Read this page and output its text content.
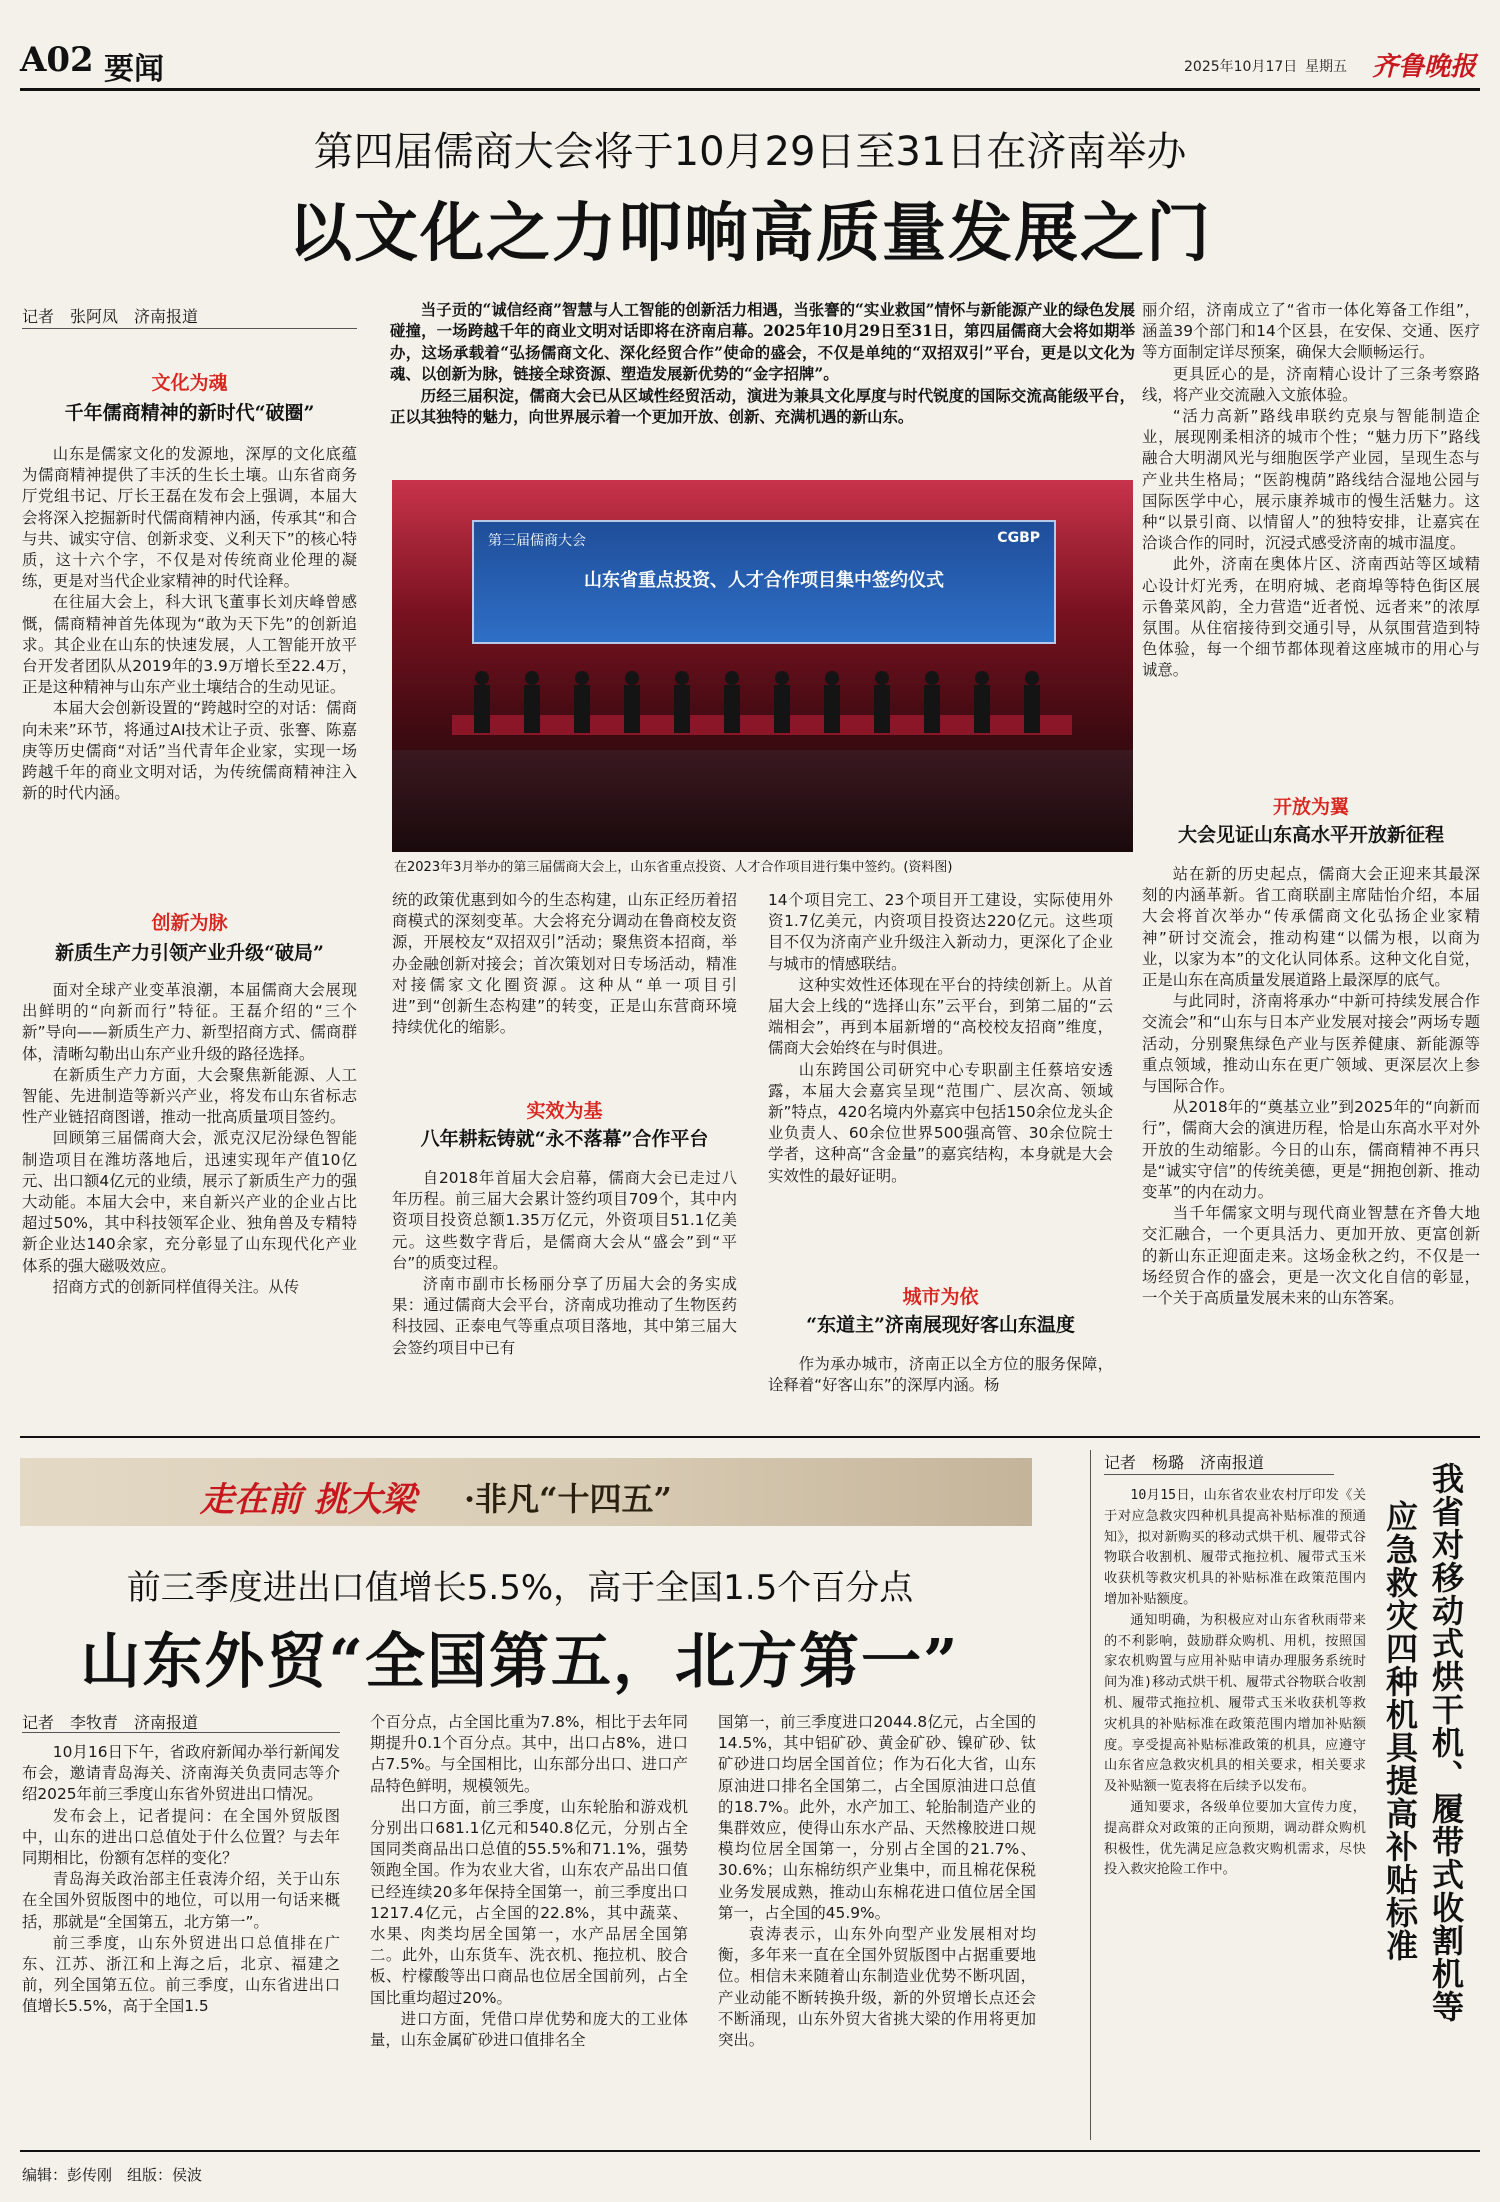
A02 要闻	2025年10月17日 星期五 齐鲁晚报
第四届儒商大会将于10月29日至31日在济南举办
以文化之力叩响高质量发展之门
记者　张阿凤　济南报道
文化为魂
千年儒商精神的新时代“破圈”

山东是儒家文化的发源地，深厚的文化底蕴为儒商精神提供了丰沃的生长土壤。山东省商务厅党组书记、厅长王磊在发布会上强调，本届大会将深入挖掘新时代儒商精神内涵，传承其“和合与共、诚实守信、创新求变、义利天下”的核心特质，这十六个字，不仅是对传统商业伦理的凝练，更是对当代企业家精神的时代诠释。

在往届大会上，科大讯飞董事长刘庆峰曾感慨，儒商精神首先体现为“敢为天下先”的创新追求。其企业在山东的快速发展，人工智能开放平台开发者团队从2019年的3.9万增长至22.4万，正是这种精神与山东产业土壤结合的生动见证。

本届大会创新设置的“跨越时空的对话：儒商向未来”环节，将通过AI技术让子贡、张謇、陈嘉庚等历史儒商“对话”当代青年企业家，实现一场跨越千年的商业文明对话，为传统儒商精神注入新的时代内涵。

创新为脉
新质生产力引领产业升级“破局”

面对全球产业变革浪潮，本届儒商大会展现出鲜明的“向新而行”特征。王磊介绍的“三个新”导向——新质生产力、新型招商方式、儒商群体，清晰勾勒出山东产业升级的路径选择。

在新质生产力方面，大会聚焦新能源、人工智能、先进制造等新兴产业，将发布山东省标志性产业链招商图谱，推动一批高质量项目签约。

回顾第三届儒商大会，派克汉尼汾绿色智能制造项目在潍坊落地后，迅速实现年产值10亿元、出口额4亿元的业绩，展示了新质生产力的强大动能。本届大会中，来自新兴产业的企业占比超过50%，其中科技领军企业、独角兽及专精特新企业达140余家，充分彰显了山东现代化产业体系的强大磁吸效应。

招商方式的创新同样值得关注。从传

当子贡的“诚信经商”智慧与人工智能的创新活力相遇，当张謇的“实业救国”情怀与新能源产业的绿色发展碰撞，一场跨越千年的商业文明对话即将在济南启幕。2025年10月29日至31日，第四届儒商大会将如期举办，这场承载着“弘扬儒商文化、深化经贸合作”使命的盛会，不仅是单纯的“双招双引”平台，更是以文化为魂、以创新为脉，链接全球资源、塑造发展新优势的“金字招牌”。

历经三届积淀，儒商大会已从区域性经贸活动，演进为兼具文化厚度与时代锐度的国际交流高能级平台，正以其独特的魅力，向世界展示着一个更加开放、创新、充满机遇的新山东。

第三届儒商大会	CGBP
山东省重点投资、人才合作项目集中签约仪式
在2023年3月举办的第三届儒商大会上，山东省重点投资、人才合作项目进行集中签约。(资料图)

统的政策优惠到如今的生态构建，山东正经历着招商模式的深刻变革。大会将充分调动在鲁商校友资源，开展校友“双招双引”活动；聚焦资本招商，举办金融创新对接会；首次策划对日专场活动，精准对接儒家文化圈资源。这种从“单一项目引进”到“创新生态构建”的转变，正是山东营商环境持续优化的缩影。

实效为基
八年耕耘铸就“永不落幕”合作平台

自2018年首届大会启幕，儒商大会已走过八年历程。前三届大会累计签约项目709个，其中内资项目投资总额1.35万亿元，外资项目51.1亿美元。这些数字背后，是儒商大会从“盛会”到“平台”的质变过程。

济南市副市长杨丽分享了历届大会的务实成果：通过儒商大会平台，济南成功推动了生物医药科技园、正泰电气等重点项目落地，其中第三届大会签约项目中已有

14个项目完工、23个项目开工建设，实际使用外资1.7亿美元，内资项目投资达220亿元。这些项目不仅为济南产业升级注入新动力，更深化了企业与城市的情感联结。

这种实效性还体现在平台的持续创新上。从首届大会上线的“选择山东”云平台，到第二届的“云端相会”，再到本届新增的“高校校友招商”维度，儒商大会始终在与时俱进。

山东跨国公司研究中心专职副主任蔡培安透露，本届大会嘉宾呈现“范围广、层次高、领域新”特点，420名境内外嘉宾中包括150余位龙头企业负责人、60余位世界500强高管、30余位院士学者，这种高“含金量”的嘉宾结构，本身就是大会实效性的最好证明。

城市为依
“东道主”济南展现好客山东温度

作为承办城市，济南正以全方位的服务保障，诠释着“好客山东”的深厚内涵。杨

丽介绍，济南成立了“省市一体化筹备工作组”，涵盖39个部门和14个区县，在安保、交通、医疗等方面制定详尽预案，确保大会顺畅运行。

更具匠心的是，济南精心设计了三条考察路线，将产业交流融入文旅体验。

“活力高新”路线串联约克泉与智能制造企业，展现刚柔相济的城市个性；“魅力历下”路线融合大明湖风光与细胞医学产业园，呈现生态与产业共生格局；“医韵槐荫”路线结合湿地公园与国际医学中心，展示康养城市的慢生活魅力。这种“以景引商、以情留人”的独特安排，让嘉宾在洽谈合作的同时，沉浸式感受济南的城市温度。

此外，济南在奥体片区、济南西站等区域精心设计灯光秀，在明府城、老商埠等特色街区展示鲁菜风韵，全力营造“近者悦、远者来”的浓厚氛围。从住宿接待到交通引导，从氛围营造到特色体验，每一个细节都体现着这座城市的用心与诚意。

开放为翼
大会见证山东高水平开放新征程

站在新的历史起点，儒商大会正迎来其最深刻的内涵革新。省工商联副主席陆怡介绍，本届大会将首次举办“传承儒商文化弘扬企业家精神”研讨交流会，推动构建“以儒为根，以商为业，以家为本”的文化认同体系。这种文化自觉，正是山东在高质量发展道路上最深厚的底气。

与此同时，济南将承办“中新可持续发展合作交流会”和“山东与日本产业发展对接会”两场专题活动，分别聚焦绿色产业与医养健康、新能源等重点领域，推动山东在更广领域、更深层次上参与国际合作。

从2018年的“奠基立业”到2025年的“向新而行”，儒商大会的演进历程，恰是山东高水平对外开放的生动缩影。今日的山东，儒商精神不再只是“诚实守信”的传统美德，更是“拥抱创新、推动变革”的内在动力。

当千年儒家文明与现代商业智慧在齐鲁大地交汇融合，一个更具活力、更加开放、更富创新的新山东正迎面走来。这场金秋之约，不仅是一场经贸合作的盛会，更是一次文化自信的彰显，一个关于高质量发展未来的山东答案。

走在前 挑大梁 ·非凡“十四五”
前三季度进出口值增长5.5%，高于全国1.5个百分点
山东外贸“全国第五，北方第一”
记者　李牧青　济南报道

10月16日下午，省政府新闻办举行新闻发布会，邀请青岛海关、济南海关负责同志等介绍2025年前三季度山东省外贸进出口情况。

发布会上，记者提问：在全国外贸版图中，山东的进出口总值处于什么位置？与去年同期相比，份额有怎样的变化？

青岛海关政治部主任袁涛介绍，关于山东在全国外贸版图中的地位，可以用一句话来概括，那就是“全国第五，北方第一”。

前三季度，山东外贸进出口总值排在广东、江苏、浙江和上海之后，北京、福建之前，列全国第五位。前三季度，山东省进出口值增长5.5%，高于全国1.5

个百分点，占全国比重为7.8%，相比于去年同期提升0.1个百分点。其中，出口占8%，进口占7.5%。与全国相比，山东部分出口、进口产品特色鲜明，规模领先。

出口方面，前三季度，山东轮胎和游戏机分别出口681.1亿元和540.8亿元，分别占全国同类商品出口总值的55.5%和71.1%，强势领跑全国。作为农业大省，山东农产品出口值已经连续20多年保持全国第一，前三季度出口1217.4亿元，占全国的22.8%，其中蔬菜、水果、肉类均居全国第一，水产品居全国第二。此外，山东货车、洗衣机、拖拉机、胶合板、柠檬酸等出口商品也位居全国前列，占全国比重均超过20%。

进口方面，凭借口岸优势和庞大的工业体量，山东金属矿砂进口值排名全

国第一，前三季度进口2044.8亿元，占全国的14.5%，其中铝矿砂、黄金矿砂、镍矿砂、钛矿砂进口均居全国首位；作为石化大省，山东原油进口排名全国第二，占全国原油进口总值的18.7%。此外，水产加工、轮胎制造产业的集群效应，使得山东水产品、天然橡胶进口规模均位居全国第一，分别占全国的21.7%、30.6%；山东棉纺织产业集中，而且棉花保税业务发展成熟，推动山东棉花进口值位居全国第一，占全国的45.9%。

袁涛表示，山东外向型产业发展相对均衡，多年来一直在全国外贸版图中占据重要地位。相信未来随着山东制造业优势不断巩固，产业动能不断转换升级，新的外贸增长点还会不断涌现，山东外贸大省挑大梁的作用将更加突出。

记者　杨璐　济南报道	我省对移动式烘干机、履带式收割机等
应急救灾四种机具提高补贴标准

10月15日，山东省农业农村厅印发《关于对应急救灾四种机具提高补贴标准的预通知》，拟对新购买的移动式烘干机、履带式谷物联合收割机、履带式拖拉机、履带式玉米收获机等救灾机具的补贴标准在政策范围内增加补贴额度。

通知明确，为积极应对山东省秋雨带来的不利影响，鼓励群众购机、用机，按照国家农机购置与应用补贴申请办理服务系统时间为准)移动式烘干机、履带式谷物联合收割机、履带式拖拉机、履带式玉米收获机等救灾机具的补贴标准在政策范围内增加补贴额度。享受提高补贴标准政策的机具，应遵守山东省应急救灾机具的相关要求，相关要求及补贴额一览表将在后续予以发布。

通知要求，各级单位要加大宣传力度，提高群众对政策的正向预期，调动群众购机积极性，优先满足应急救灾购机需求，尽快投入救灾抢险工作中。

编辑：彭传刚　组版：侯波
